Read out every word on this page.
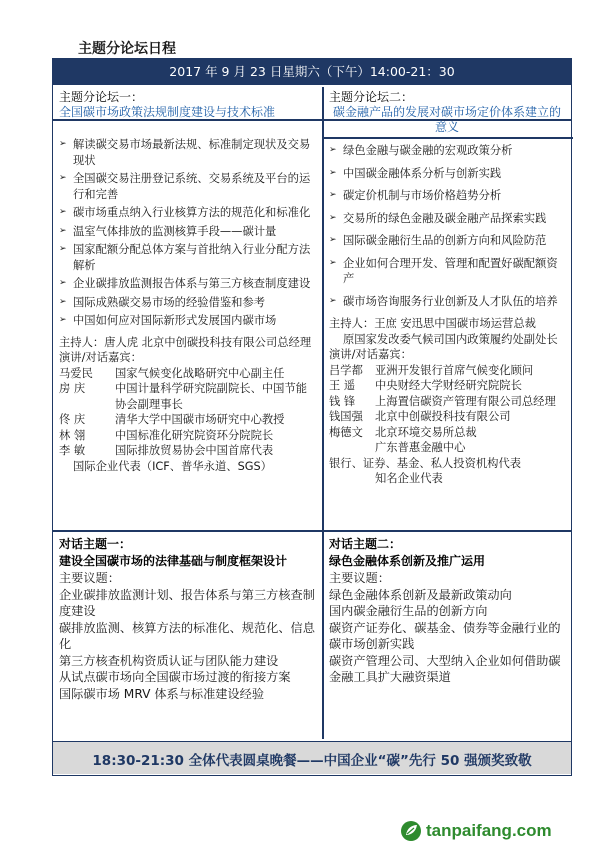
主题分论坛日程
2017 年 9 月 23 日星期六（下午）14:00-21：30
主题分论坛一：
全国碳市场政策法规制度建设与技术标准
➢ 解读碳交易市场最新法规、标准制定现状及交易现状
➢ 全国碳交易注册登记系统、交易系统及平台的运行和完善
➢ 碳市场重点纳入行业核算方法的规范化和标准化
➢ 温室气体排放的监测核算手段——碳计量
➢ 国家配额分配总体方案与首批纳入行业分配方法解析
➢ 企业碳排放监测报告体系与第三方核查制度建设
➢ 国际成熟碳交易市场的经验借鉴和参考
➢ 中国如何应对国际新形式发展国内碳市场
主持人：唐人虎 北京中创碳投科技有限公司总经理
演讲/对话嘉宾：
马爱民	国家气候变化战略研究中心副主任
房 庆	中国计量科学研究院副院长、中国节能协会副理事长
佟 庆	清华大学中国碳市场研究中心教授
林 翎	中国标准化研究院资环分院院长
李 敏	国际排放贸易协会中国首席代表
国际企业代表（ICF、普华永道、SGS）
主题分论坛二：
碳金融产品的发展对碳市场定价体系建立的意义
➢ 绿色金融与碳金融的宏观政策分析
➢ 中国碳金融体系分析与创新实践
➢ 碳定价机制与市场价格趋势分析
➢ 交易所的绿色金融及碳金融产品探索实践
➢ 国际碳金融衍生品的创新方向和风险防范
➢ 企业如何合理开发、管理和配置好碳配额资产
➢ 碳市场咨询服务行业创新及人才队伍的培养
主持人：王庶 安迅思中国碳市场运营总裁
原国家发改委气候司国内政策履约处副处长
演讲/对话嘉宾：
吕学都	亚洲开发银行首席气候变化顾问
王 遥	中央财经大学财经研究院院长
钱 锋	上海置信碳资产管理有限公司总经理
钱国强	北京中创碳投科技有限公司
梅德文	北京环境交易所总裁
广东普惠金融中心
银行、证券、基金、私人投资机构代表
知名企业代表
对话主题一：
建设全国碳市场的法律基础与制度框架设计
主要议题：
企业碳排放监测计划、报告体系与第三方核查制度建设
碳排放监测、核算方法的标准化、规范化、信息化
第三方核查机构资质认证与团队能力建设
从试点碳市场向全国碳市场过渡的衔接方案
国际碳市场 MRV 体系与标准建设经验
对话主题二：
绿色金融体系创新及推广运用
主要议题：
绿色金融体系创新及最新政策动向
国内碳金融衍生品的创新方向
碳资产证券化、碳基金、债券等金融行业的碳市场创新实践
碳资产管理公司、大型纳入企业如何借助碳金融工具扩大融资渠道
18:30-21:30 全体代表圆桌晚餐——中国企业“碳”先行 50 强颁奖致敬
tanpaifang.com
